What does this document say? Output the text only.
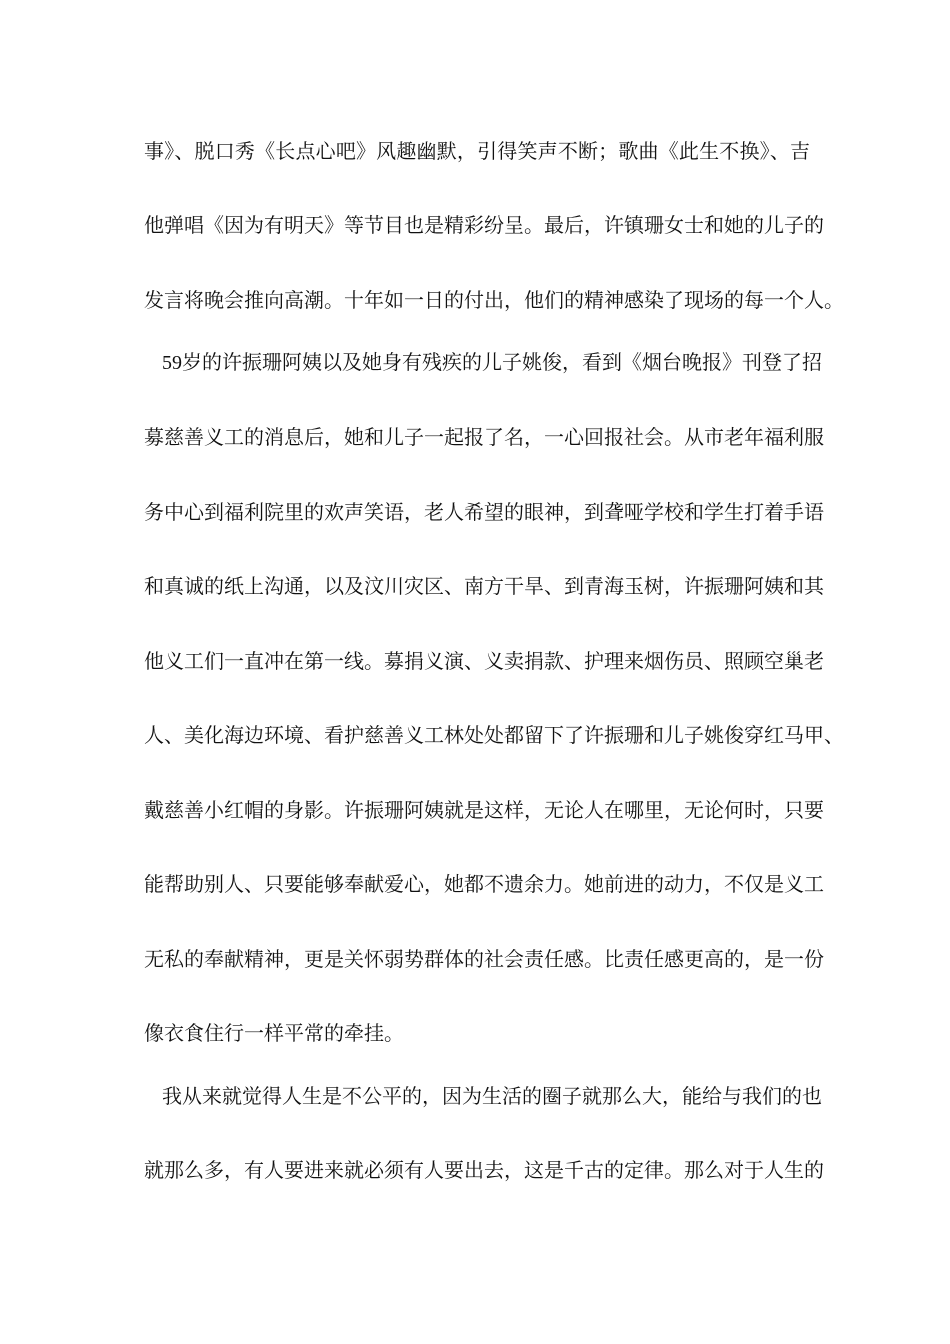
事》、脱口秀《长点心吧》风趣幽默，引得笑声不断；歌曲《此生不换》、吉
他弹唱《因为有明天》等节目也是精彩纷呈。最后，许镇珊女士和她的儿子的
发言将晚会推向高潮。十年如一日的付出，他们的精神感染了现场的每一个人。
59岁的许振珊阿姨以及她身有残疾的儿子姚俊，看到《烟台晚报》刊登了招
募慈善义工的消息后，她和儿子一起报了名，一心回报社会。从市老年福利服
务中心到福利院里的欢声笑语，老人希望的眼神，到聋哑学校和学生打着手语
和真诚的纸上沟通，以及汶川灾区、南方干旱、到青海玉树，许振珊阿姨和其
他义工们一直冲在第一线。募捐义演、义卖捐款、护理来烟伤员、照顾空巢老
人、美化海边环境、看护慈善义工林处处都留下了许振珊和儿子姚俊穿红马甲、
戴慈善小红帽的身影。许振珊阿姨就是这样，无论人在哪里，无论何时，只要
能帮助别人、只要能够奉献爱心，她都不遗余力。她前进的动力，不仅是义工
无私的奉献精神，更是关怀弱势群体的社会责任感。比责任感更高的，是一份
像衣食住行一样平常的牵挂。
我从来就觉得人生是不公平的，因为生活的圈子就那么大，能给与我们的也
就那么多，有人要进来就必须有人要出去，这是千古的定律。那么对于人生的
